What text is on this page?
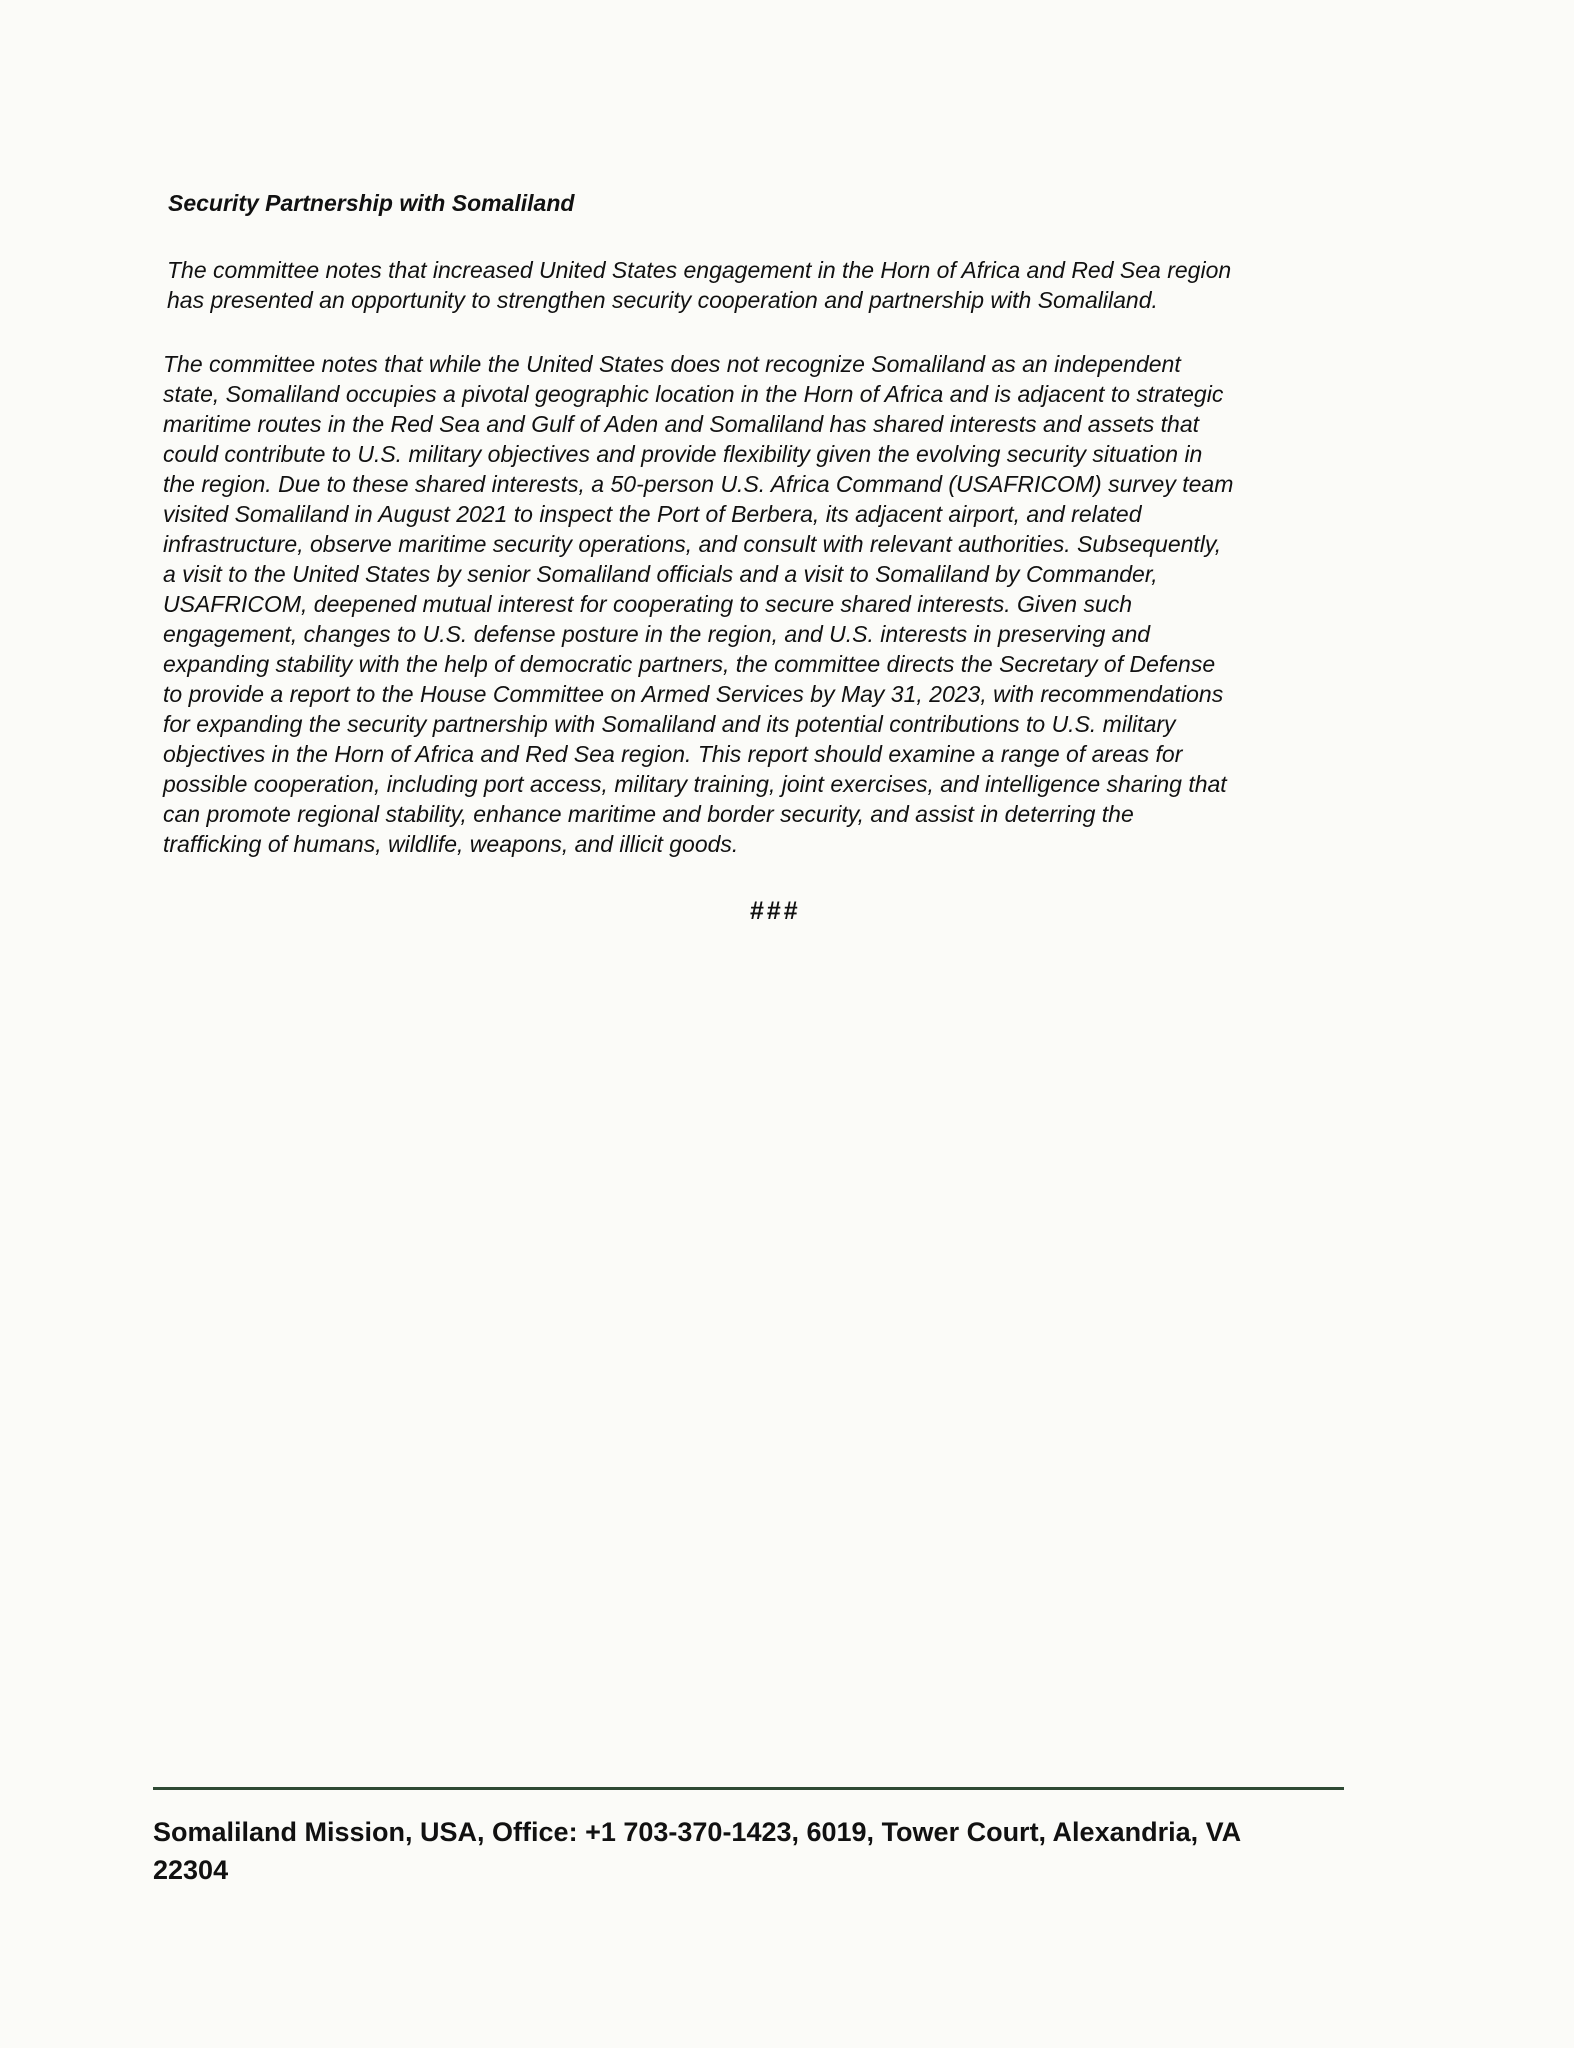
Security Partnership with Somaliland

The committee notes that increased United States engagement in the Horn of Africa and Red Sea region
has presented an opportunity to strengthen security cooperation and partnership with Somaliland.

The committee notes that while the United States does not recognize Somaliland as an independent
state, Somaliland occupies a pivotal geographic location in the Horn of Africa and is adjacent to strategic
maritime routes in the Red Sea and Gulf of Aden and Somaliland has shared interests and assets that
could contribute to U.S. military objectives and provide flexibility given the evolving security situation in
the region. Due to these shared interests, a 50-person U.S. Africa Command (USAFRICOM) survey team
visited Somaliland in August 2021 to inspect the Port of Berbera, its adjacent airport, and related
infrastructure, observe maritime security operations, and consult with relevant authorities. Subsequently,
a visit to the United States by senior Somaliland officials and a visit to Somaliland by Commander,
USAFRICOM, deepened mutual interest for cooperating to secure shared interests. Given such
engagement, changes to U.S. defense posture in the region, and U.S. interests in preserving and
expanding stability with the help of democratic partners, the committee directs the Secretary of Defense
to provide a report to the House Committee on Armed Services by May 31, 2023, with recommendations
for expanding the security partnership with Somaliland and its potential contributions to U.S. military
objectives in the Horn of Africa and Red Sea region. This report should examine a range of areas for
possible cooperation, including port access, military training, joint exercises, and intelligence sharing that
can promote regional stability, enhance maritime and border security, and assist in deterring the
trafficking of humans, wildlife, weapons, and illicit goods.

###
Somaliland Mission, USA, Office: +1 703-370-1423, 6019, Tower Court, Alexandria, VA
22304
